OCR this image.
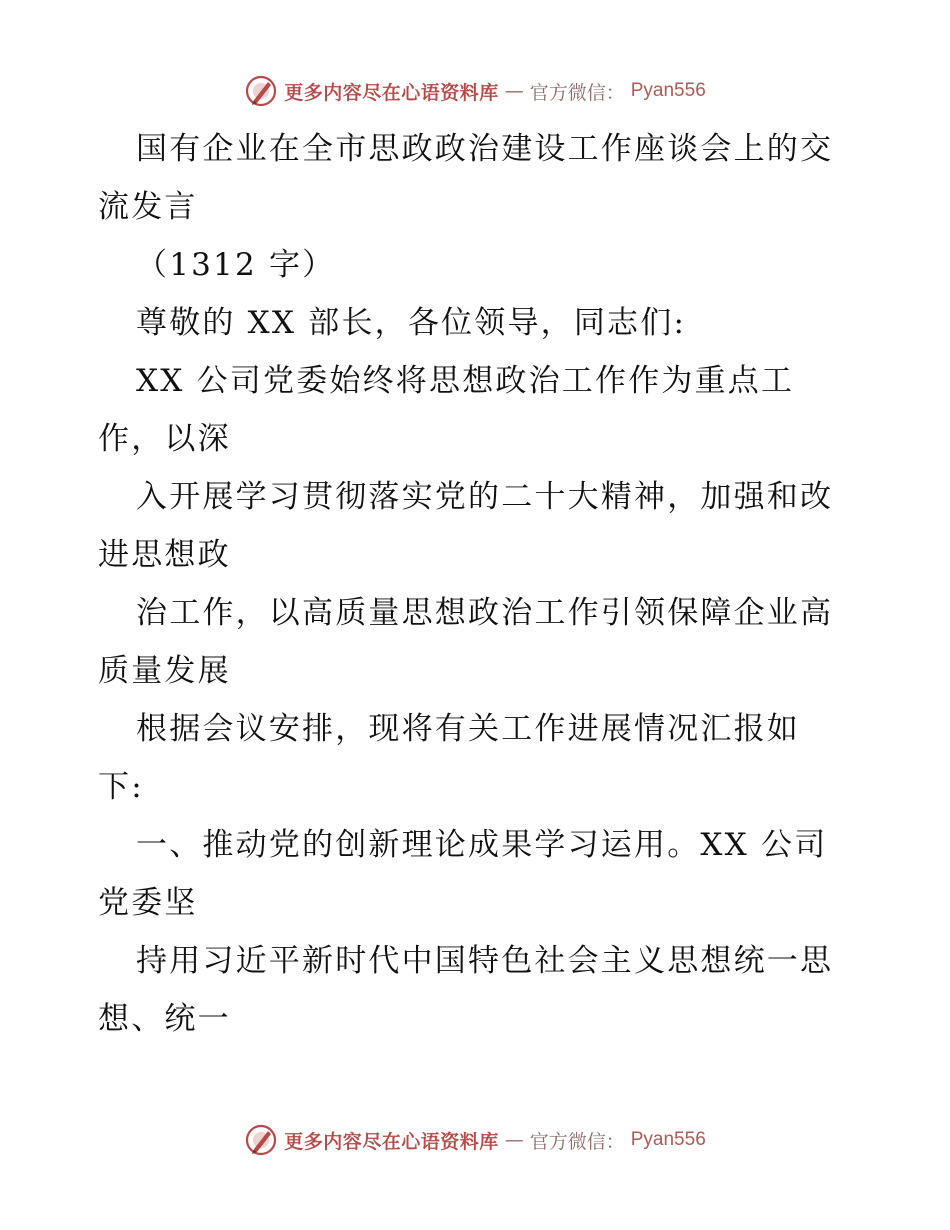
更多内容尽在心语资料库 — 官方微信： Pyan556
国有企业在全市思政政治建设工作座谈会上的交
流发言
（1312 字）
尊敬的 XX 部长，各位领导，同志们:
XX 公司党委始终将思想政治工作作为重点工
作，以深
入开展学习贯彻落实党的二十大精神，加强和改
进思想政
治工作，以高质量思想政治工作引领保障企业高
质量发展
根据会议安排，现将有关工作进展情况汇报如
下:
一、推动党的创新理论成果学习运用。XX 公司
党委坚
持用习近平新时代中国特色社会主义思想统一思
想、统一
更多内容尽在心语资料库 — 官方微信： Pyan556
